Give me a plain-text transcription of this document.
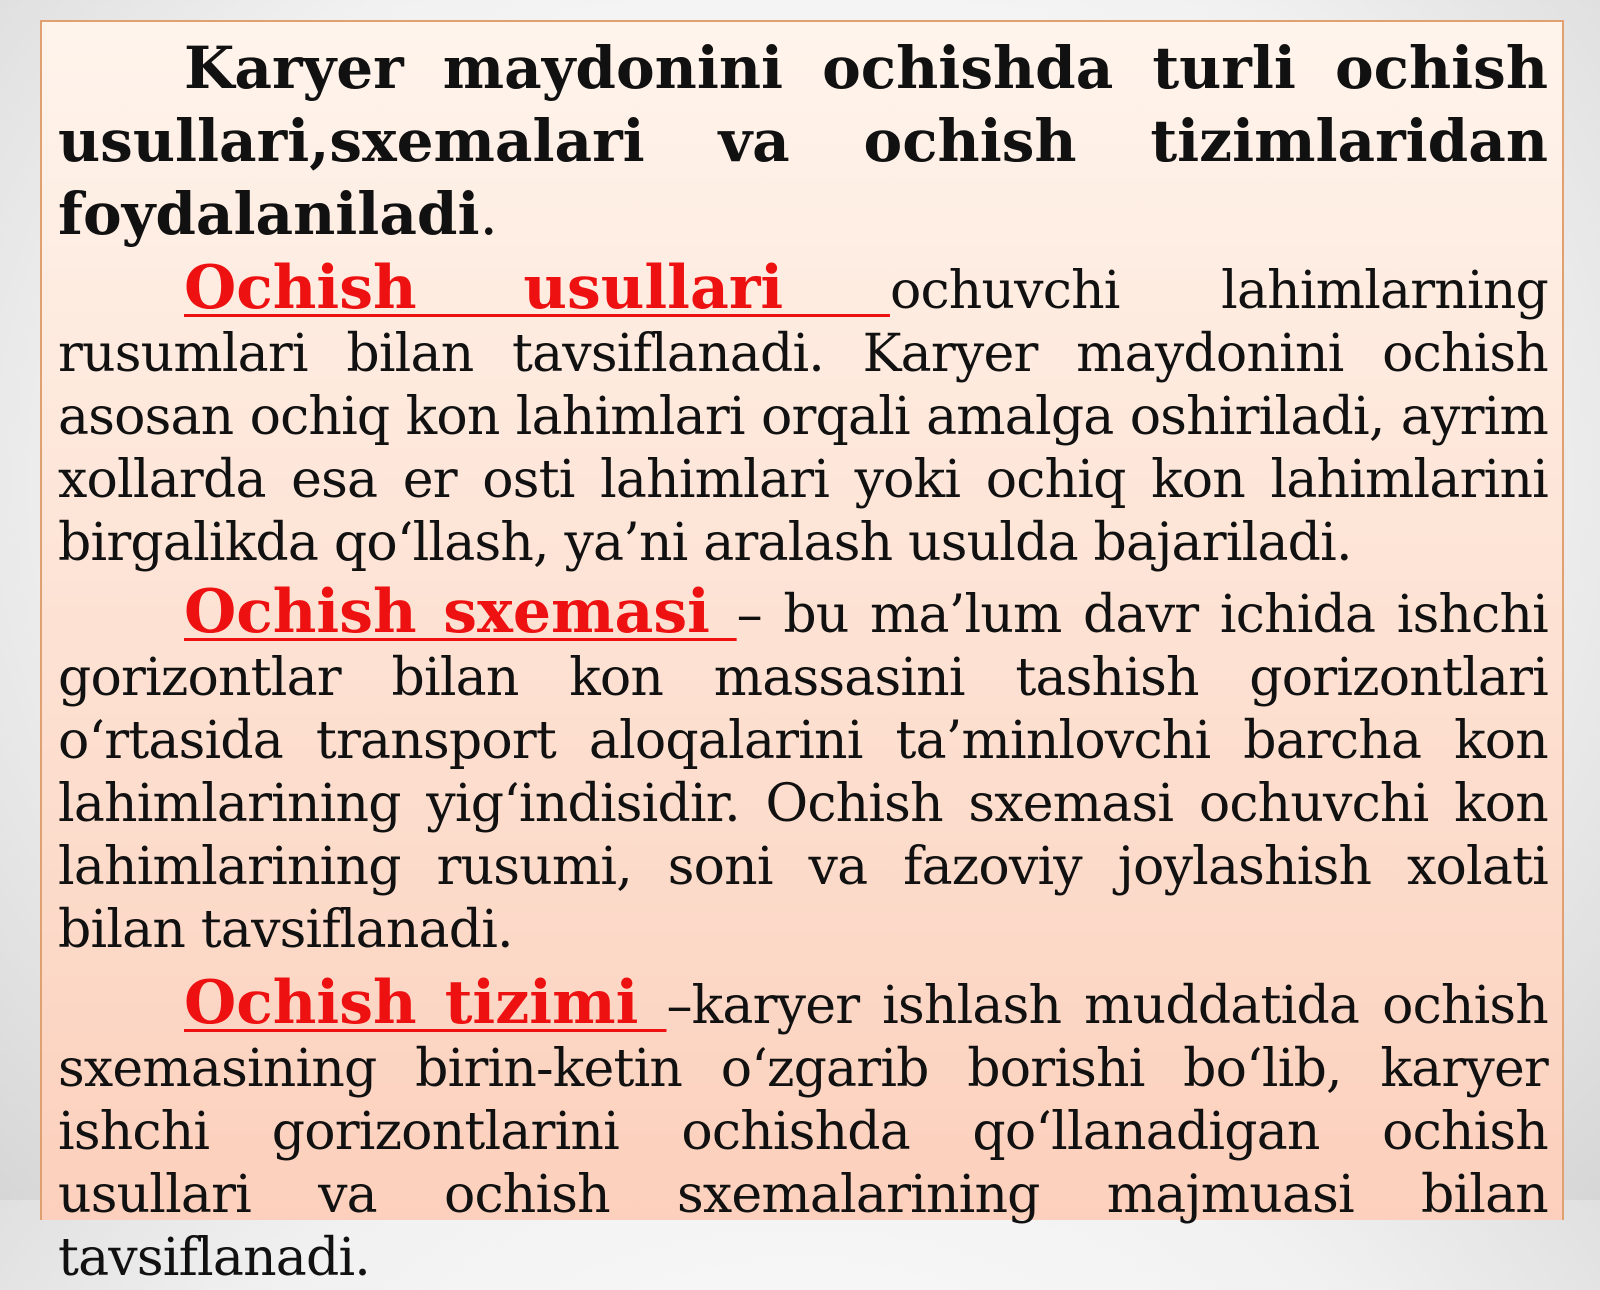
Karyer maydonini ochishda turli ochish usullari,sxemalari va ochish tizimlaridan foydalaniladi.

Ochish usullari ochuvchi lahimlarning rusumlari bilan tavsiflanadi. Karyer maydonini ochish asosan ochiq kon lahimlari orqali amalga oshiriladi, ayrim xollarda esa er osti lahimlari yoki ochiq kon lahimlarini birgalikda qo‘llash, ya’ni aralash usulda bajariladi.

Ochish sxemasi – bu ma’lum davr ichida ishchi gorizontlar bilan kon massasini tashish gorizontlari o‘rtasida transport aloqalarini ta’minlovchi barcha kon lahimlarining yig‘indisidir. Ochish sxemasi ochuvchi kon lahimlarining rusumi, soni va fazoviy joylashish xolati bilan tavsiflanadi.

Ochish tizimi –karyer ishlash muddatida ochish sxemasining birin-ketin o‘zgarib borishi bo‘lib, karyer ishchi gorizontlarini ochishda qo‘llanadigan ochish usullari va ochish sxemalarining majmuasi bilan tavsiflanadi.
